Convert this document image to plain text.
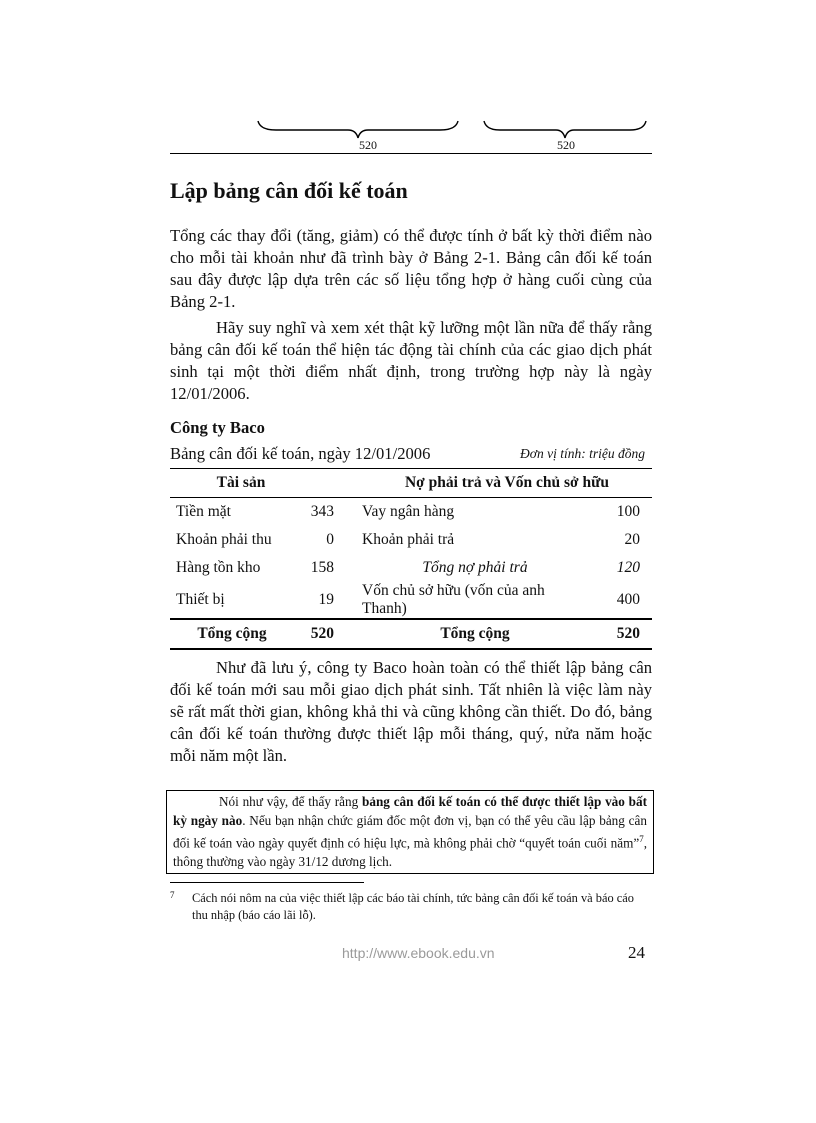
520	520
Lập bảng cân đối kế toán
Tổng các thay đổi (tăng, giảm) có thể được tính ở bất kỳ thời điểm nào cho mỗi tài khoản như đã trình bày ở Bảng 2-1. Bảng cân đối kế toán sau đây được lập dựa trên các số liệu tổng hợp ở hàng cuối cùng của Bảng 2-1.
Hãy suy nghĩ và xem xét thật kỹ lưỡng một lần nữa để thấy rằng bảng cân đối kế toán thể hiện tác động tài chính của các giao dịch phát sinh tại một thời điểm nhất định, trong trường hợp này là ngày 12/01/2006.
Công ty Baco
Bảng cân đối kế toán, ngày 12/01/2006	Đơn vị tính: triệu đồng
Tài sản		Nợ phải trả và Vốn chủ sở hữu	
Tiền mặt	343	Vay ngân hàng	100
Khoản phải thu	0	Khoản phải trả	20
Hàng tồn kho	158	Tổng nợ phải trả	120
Thiết bị	19	Vốn chủ sở hữu (vốn của anh Thanh)	400
Tổng cộng	520	Tổng cộng	520
Như đã lưu ý, công ty Baco hoàn toàn có thể thiết lập bảng cân đối kế toán mới sau mỗi giao dịch phát sinh. Tất nhiên là việc làm này sẽ rất mất thời gian, không khả thi và cũng không cần thiết. Do đó, bảng cân đối kế toán thường được thiết lập mỗi tháng, quý, nửa năm hoặc mỗi năm một lần.
Nói như vậy, để thấy rằng bảng cân đối kế toán có thể được thiết lập vào bất kỳ ngày nào. Nếu bạn nhận chức giám đốc một đơn vị, bạn có thể yêu cầu lập bảng cân đối kế toán vào ngày quyết định có hiệu lực, mà không phải chờ “quyết toán cuối năm”$^7$, thông thường vào ngày 31/12 dương lịch.
7	Cách nói nôm na của việc thiết lập các báo tài chính, tức bảng cân đối kế toán và báo cáo thu nhập (báo cáo lãi lỗ).
http://www.ebook.edu.vn	24
